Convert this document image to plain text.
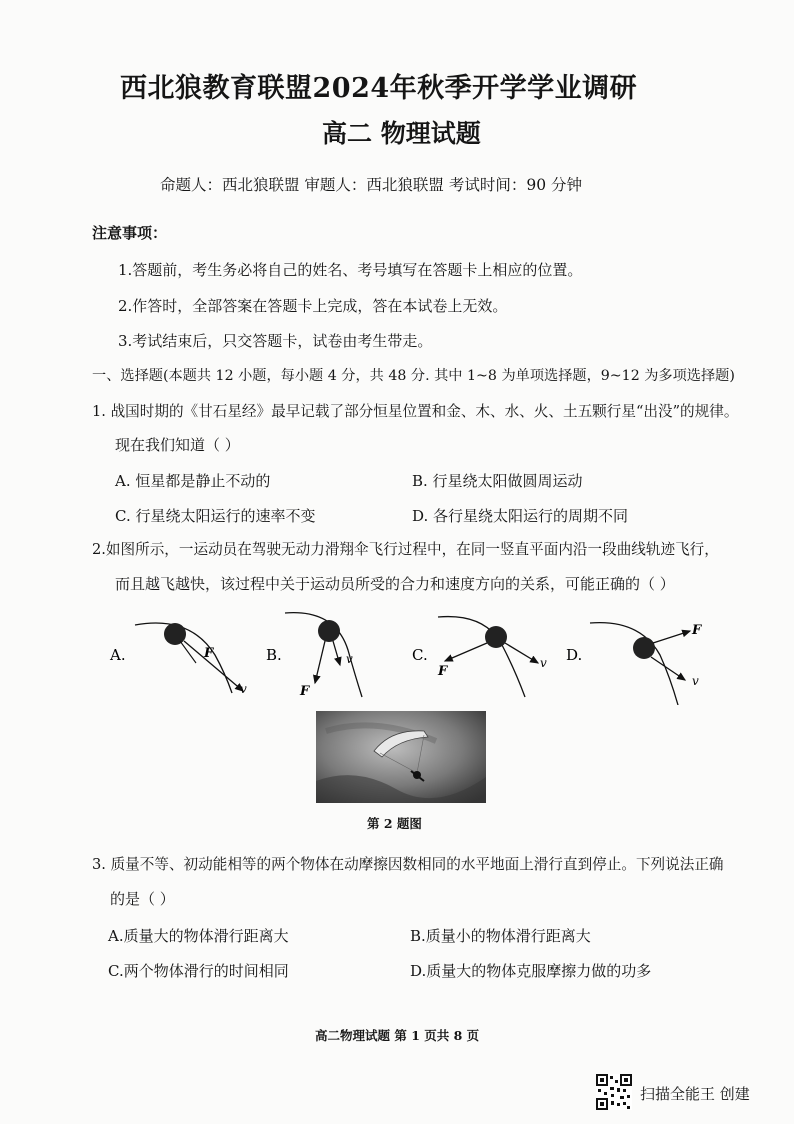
西北狼教育联盟2024年秋季开学学业调研
高二 物理试题
命题人：西北狼联盟 审题人：西北狼联盟 考试时间：90 分钟
注意事项：
1.答题前，考生务必将自己的姓名、考号填写在答题卡上相应的位置。
2.作答时，全部答案在答题卡上完成，答在本试卷上无效。
3.考试结束后，只交答题卡，试卷由考生带走。
一、选择题(本题共 12 小题，每小题 4 分，共 48 分. 其中 1~8 为单项选择题，9~12 为多项选择题)
1. 战国时期的《甘石星经》最早记载了部分恒星位置和金、木、水、火、土五颗行星“出没”的规律。
现在我们知道（ ）
A. 恒星都是静止不动的	B. 行星绕太阳做圆周运动
C. 行星绕太阳运行的速率不变	D. 各行星绕太阳运行的周期不同
2.如图所示，一运动员在驾驶无动力滑翔伞飞行过程中，在同一竖直平面内沿一段曲线轨迹飞行，
而且越飞越快，该过程中关于运动员所受的合力和速度方向的关系，可能正确的（ ）
A.	F
v
B.
F
v	C.
F
v D.
F
v
第 2 题图
3. 质量不等、初动能相等的两个物体在动摩擦因数相同的水平地面上滑行直到停止。下列说法正确
的是（ ）
A.质量大的物体滑行距离大	B.质量小的物体滑行距离大
C.两个物体滑行的时间相同	D.质量大的物体克服摩擦力做的功多
高二物理试题 第 1 页共 8 页
扫描全能王 创建
